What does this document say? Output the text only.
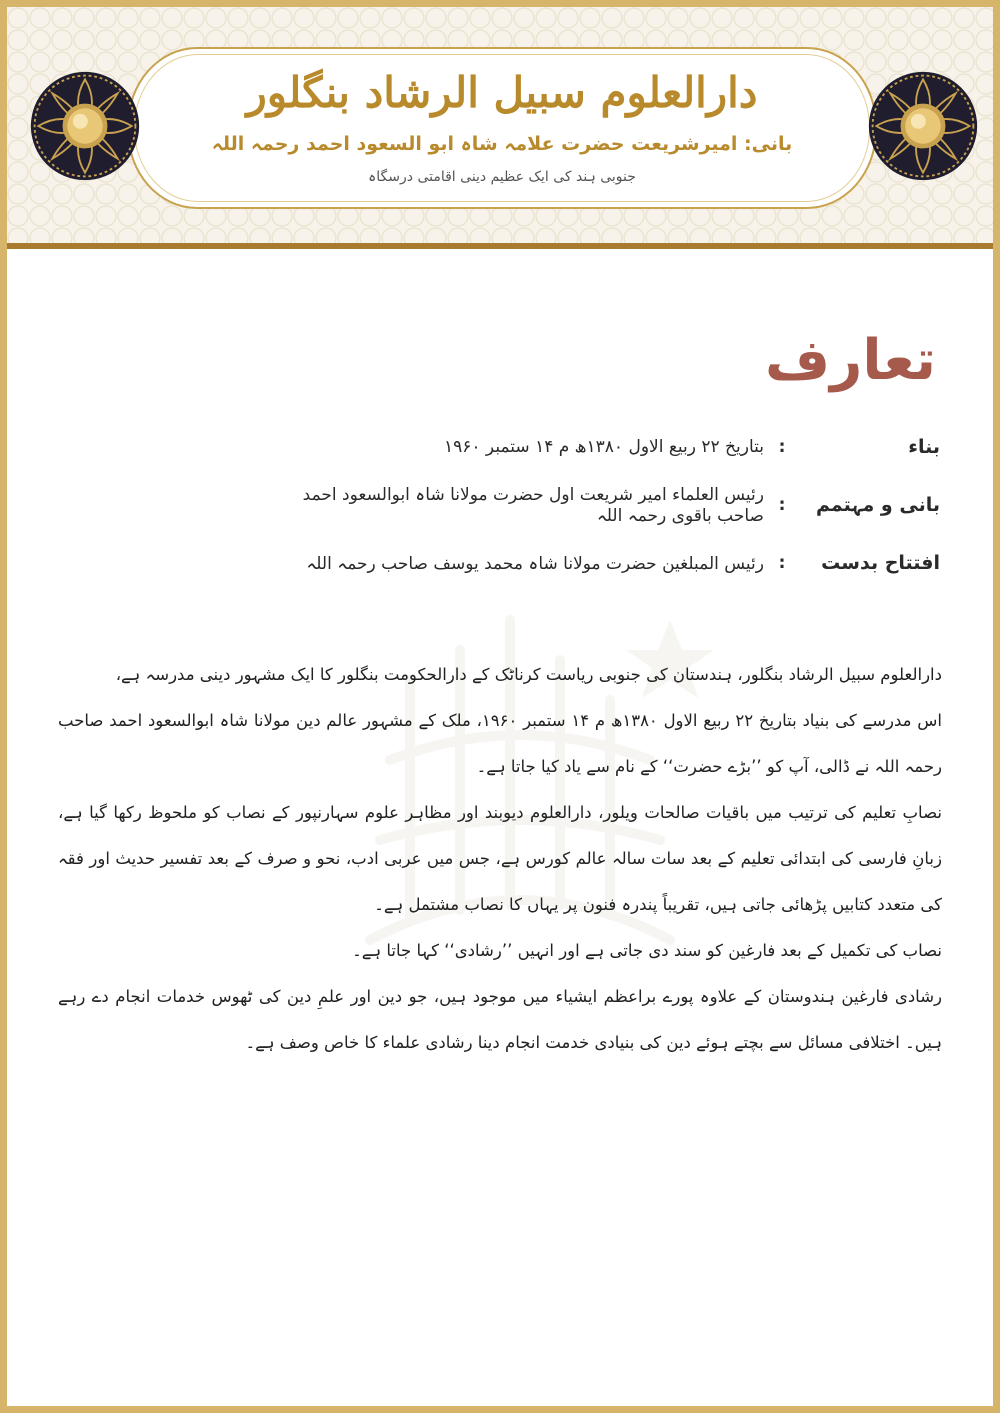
دارالعلوم سبیل الرشاد بنگلور

بانی: امیرشریعت حضرت علامہ شاہ ابو السعود احمد رحمہ اللہ

جنوبی ہند کی ایک عظیم دینی اقامتی درسگاہ

تعارف
بناء
:
بتاریخ ۲۲ ربیع الاول ۱۳۸۰ھ م ۱۴ ستمبر ۱۹۶۰
بانی و مہتمم
:
رئیس العلماء امیر شریعت اول حضرت مولانا شاہ ابوالسعود احمد صاحب باقوی رحمہ اللہ
افتتاح بدست
:
رئیس المبلغین حضرت مولانا شاہ محمد یوسف صاحب رحمہ اللہ

دارالعلوم سبیل الرشاد بنگلور، ہندستان کی جنوبی ریاست کرناٹک کے دارالحکومت بنگلور کا ایک مشہور دینی مدرسہ ہے،

اس مدرسے کی بنیاد بتاریخ ۲۲ ربیع الاول ۱۳۸۰ھ م ۱۴ ستمبر ۱۹۶۰، ملک کے مشہور عالم دین مولانا شاہ ابوالسعود احمد صاحب رحمہ اللہ نے ڈالی، آپ کو ’’بڑے حضرت‘‘ کے نام سے یاد کیا جاتا ہے۔

نصابِ تعلیم کی ترتیب میں باقیات صالحات ویلور، دارالعلوم دیوبند اور مظاہر علوم سہارنپور کے نصاب کو ملحوظ رکھا گیا ہے، زبانِ فارسی کی ابتدائی تعلیم کے بعد سات سالہ عالم کورس ہے، جس میں عربی ادب، نحو و صرف کے بعد تفسیر حدیث اور فقہ کی متعدد کتابیں پڑھائی جاتی ہیں، تقریباً پندرہ فنون پر یہاں کا نصاب مشتمل ہے۔

نصاب کی تکمیل کے بعد فارغین کو سند دی جاتی ہے اور انہیں ’’رشادی‘‘ کہا جاتا ہے۔

رشادی فارغین ہندوستان کے علاوہ پورے براعظم ایشیاء میں موجود ہیں، جو دین اور علمِ دین کی ٹھوس خدمات انجام دے رہے ہیں۔ اختلافی مسائل سے بچتے ہوئے دین کی بنیادی خدمت انجام دینا رشادی علماء کا خاص وصف ہے۔
